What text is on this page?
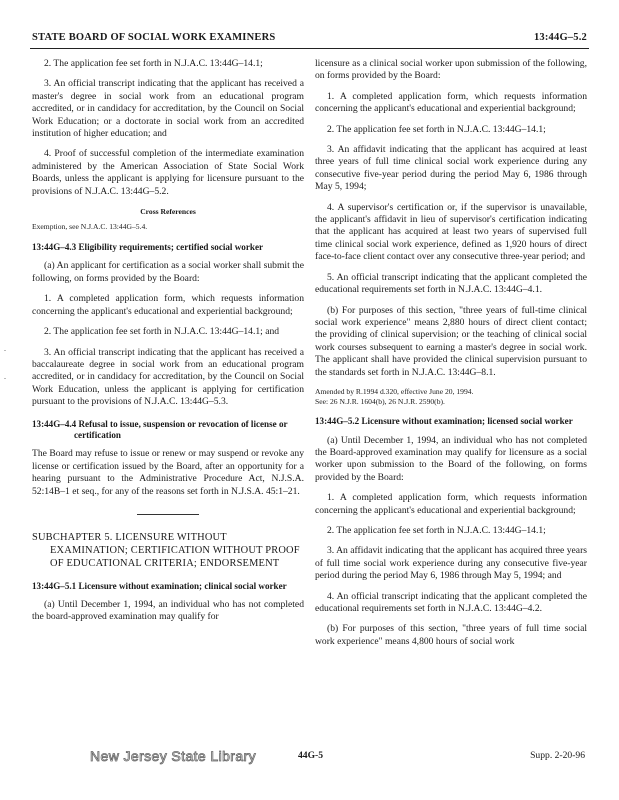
STATE BOARD OF SOCIAL WORK EXAMINERS	13:44G–5.2

2. The application fee set forth in N.J.A.C. 13:44G–14.1;

3. An official transcript indicating that the applicant has received a master's degree in social work from an educational program accredited, or in candidacy for accreditation, by the Council on Social Work Education; or a doctorate in social work from an accredited institution of higher education; and

4. Proof of successful completion of the intermediate examination administered by the American Association of State Social Work Boards, unless the applicant is applying for licensure pursuant to the provisions of N.J.A.C. 13:44G–5.2.

Cross References

Exemption, see N.J.A.C. 13:44G–5.4.

13:44G–4.3 Eligibility requirements; certified social worker

(a) An applicant for certification as a social worker shall submit the following, on forms provided by the Board:

1. A completed application form, which requests information concerning the applicant's educational and experiential background;

2. The application fee set forth in N.J.A.C. 13:44G–14.1; and

3. An official transcript indicating that the applicant has received a baccalaureate degree in social work from an educational program accredited, or in candidacy for accreditation, by the Council on Social Work Education, unless the applicant is applying for certification pursuant to the provisions of N.J.A.C. 13:44G–5.3.

13:44G–4.4 Refusal to issue, suspension or revocation of license or certification

The Board may refuse to issue or renew or may suspend or revoke any license or certification issued by the Board, after an opportunity for a hearing pursuant to the Administrative Procedure Act, N.J.S.A. 52:14B–1 et seq., for any of the reasons set forth in N.J.S.A. 45:1–21.

SUBCHAPTER 5. LICENSURE WITHOUT EXAMINATION; CERTIFICATION WITHOUT PROOF OF EDUCATIONAL CRITERIA; ENDORSEMENT
13:44G–5.1 Licensure without examination; clinical social worker

(a) Until December 1, 1994, an individual who has not completed the board-approved examination may qualify for

licensure as a clinical social worker upon submission of the following, on forms provided by the Board:

1. A completed application form, which requests information concerning the applicant's educational and experiential background;

2. The application fee set forth in N.J.A.C. 13:44G–14.1;

3. An affidavit indicating that the applicant has acquired at least three years of full time clinical social work experience during any consecutive five-year period during the period May 6, 1986 through May 5, 1994;

4. A supervisor's certification or, if the supervisor is unavailable, the applicant's affidavit in lieu of supervisor's certification indicating that the applicant has acquired at least two years of supervised full time clinical social work experience, defined as 1,920 hours of direct face-to-face client contact over any consecutive three-year period; and

5. An official transcript indicating that the applicant completed the educational requirements set forth in N.J.A.C. 13:44G–4.1.

(b) For purposes of this section, "three years of full-time clinical social work experience" means 2,880 hours of direct client contact; the providing of clinical supervision; or the teaching of clinical social work courses subsequent to earning a master's degree in social work. The applicant shall have provided the clinical supervision pursuant to the standards set forth in N.J.A.C. 13:44G–8.1.

Amended by R.1994 d.320, effective June 20, 1994.
See: 26 N.J.R. 1604(b), 26 N.J.R. 2590(b).
13:44G–5.2 Licensure without examination; licensed social worker

(a) Until December 1, 1994, an individual who has not completed the Board-approved examination may qualify for licensure as a social worker upon submission to the Board of the following, on forms provided by the Board:

1. A completed application form, which requests information concerning the applicant's educational and experiential background;

2. The application fee set forth in N.J.A.C. 13:44G–14.1;

3. An affidavit indicating that the applicant has acquired three years of full time social work experience during any consecutive five-year period during the period May 6, 1986 through May 5, 1994; and

4. An official transcript indicating that the applicant completed the educational requirements set forth in N.J.A.C. 13:44G–4.2.

(b) For purposes of this section, "three years of full time social work experience" means 4,800 hours of social work

New Jersey State Library	44G-5	Supp. 2-20-96
